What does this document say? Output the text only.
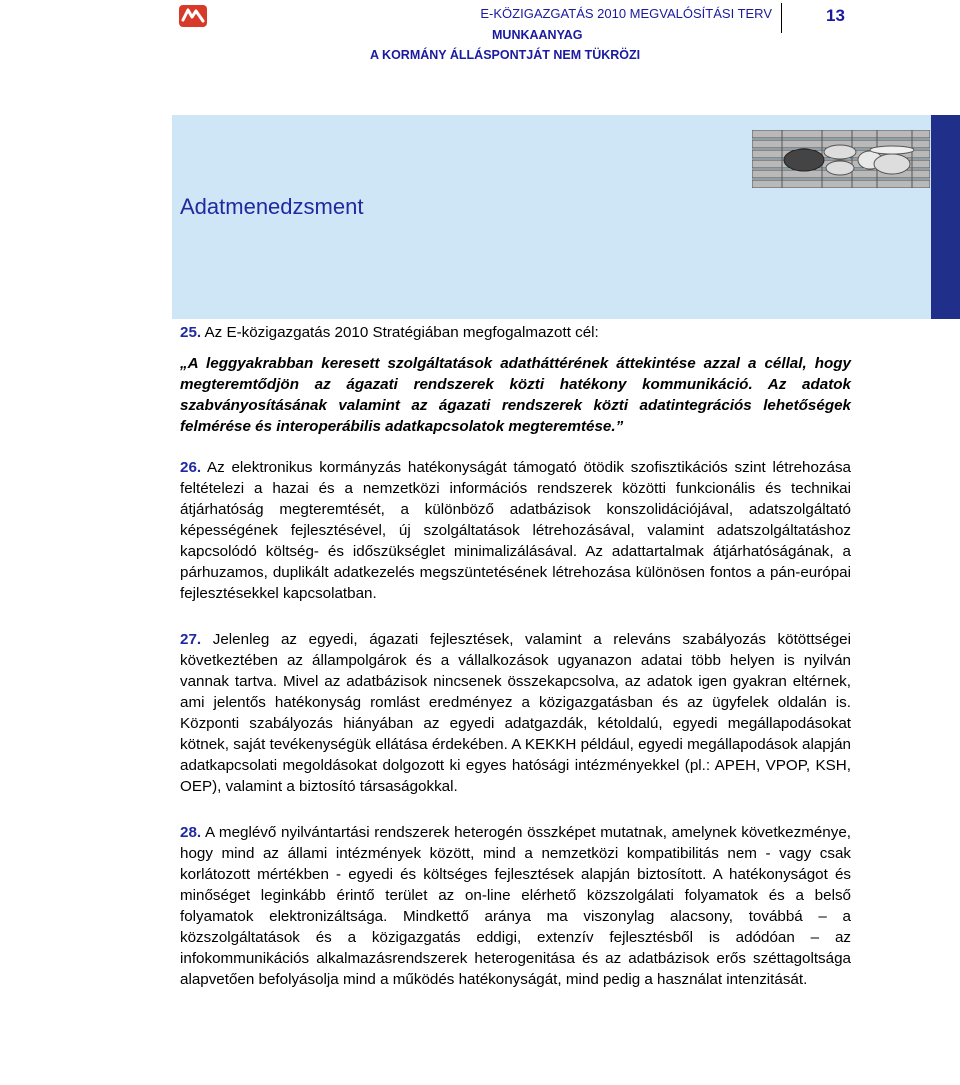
E-KÖZIGAZGATÁS 2010 MEGVALÓSÍTÁSI TERV	13
MUNKAANYAG
A KORMÁNY ÁLLÁSPONTJÁT NEM TÜKRÖZI
Adatmenedzsment

25. Az E-közigazgatás 2010 Stratégiában megfogalmazott cél:

„A leggyakrabban keresett szolgáltatások adatháttérének áttekintése azzal a céllal, hogy megteremtődjön az ágazati rendszerek közti hatékony kommunikáció. Az adatok szabványosításának valamint az ágazati rendszerek közti adatintegrációs lehetőségek felmérése és interoperábilis adatkapcsolatok megteremtése.”

26. Az elektronikus kormányzás hatékonyságát támogató ötödik szofisztikációs szint létrehozása feltételezi a hazai és a nemzetközi információs rendszerek közötti funkcionális és technikai átjárhatóság megteremtését, a különböző adatbázisok konszolidációjával, adatszolgáltató képességének fejlesztésével, új szolgáltatások létrehozásával, valamint adatszolgáltatáshoz kapcsolódó költség- és időszükséglet minimalizálásával. Az adattartalmak átjárhatóságának, a párhuzamos, duplikált adatkezelés megszüntetésének létrehozása különösen fontos a pán-európai fejlesztésekkel kapcsolatban.

27. Jelenleg az egyedi, ágazati fejlesztések, valamint a releváns szabályozás kötöttségei következtében az állampolgárok és a vállalkozások ugyanazon adatai több helyen is nyilván vannak tartva. Mivel az adatbázisok nincsenek összekapcsolva, az adatok igen gyakran eltérnek, ami jelentős hatékonyság romlást eredményez a közigazgatásban és az ügyfelek oldalán is. Központi szabályozás hiányában az egyedi adatgazdák, kétoldalú, egyedi megállapodásokat kötnek, saját tevékenységük ellátása érdekében. A KEKKH például, egyedi megállapodások alapján adatkapcsolati megoldásokat dolgozott ki egyes hatósági intézményekkel (pl.: APEH, VPOP, KSH, OEP), valamint a biztosító társaságokkal.

28. A meglévő nyilvántartási rendszerek heterogén összképet mutatnak, amelynek következménye, hogy mind az állami intézmények között, mind a nemzetközi kompatibilitás nem - vagy csak korlátozott mértékben - egyedi és költséges fejlesztések alapján biztosított. A hatékonyságot és minőséget leginkább érintő terület az on-line elérhető közszolgálati folyamatok és a belső folyamatok elektronizáltsága. Mindkettő aránya ma viszonylag alacsony, továbbá – a közszolgáltatások és a közigazgatás eddigi, extenzív fejlesztésből is adódóan – az infokommunikációs alkalmazásrendszerek heterogenitása és az adatbázisok erős széttagoltsága alapvetően befolyásolja mind a működés hatékonyságát, mind pedig a használat intenzitását.
